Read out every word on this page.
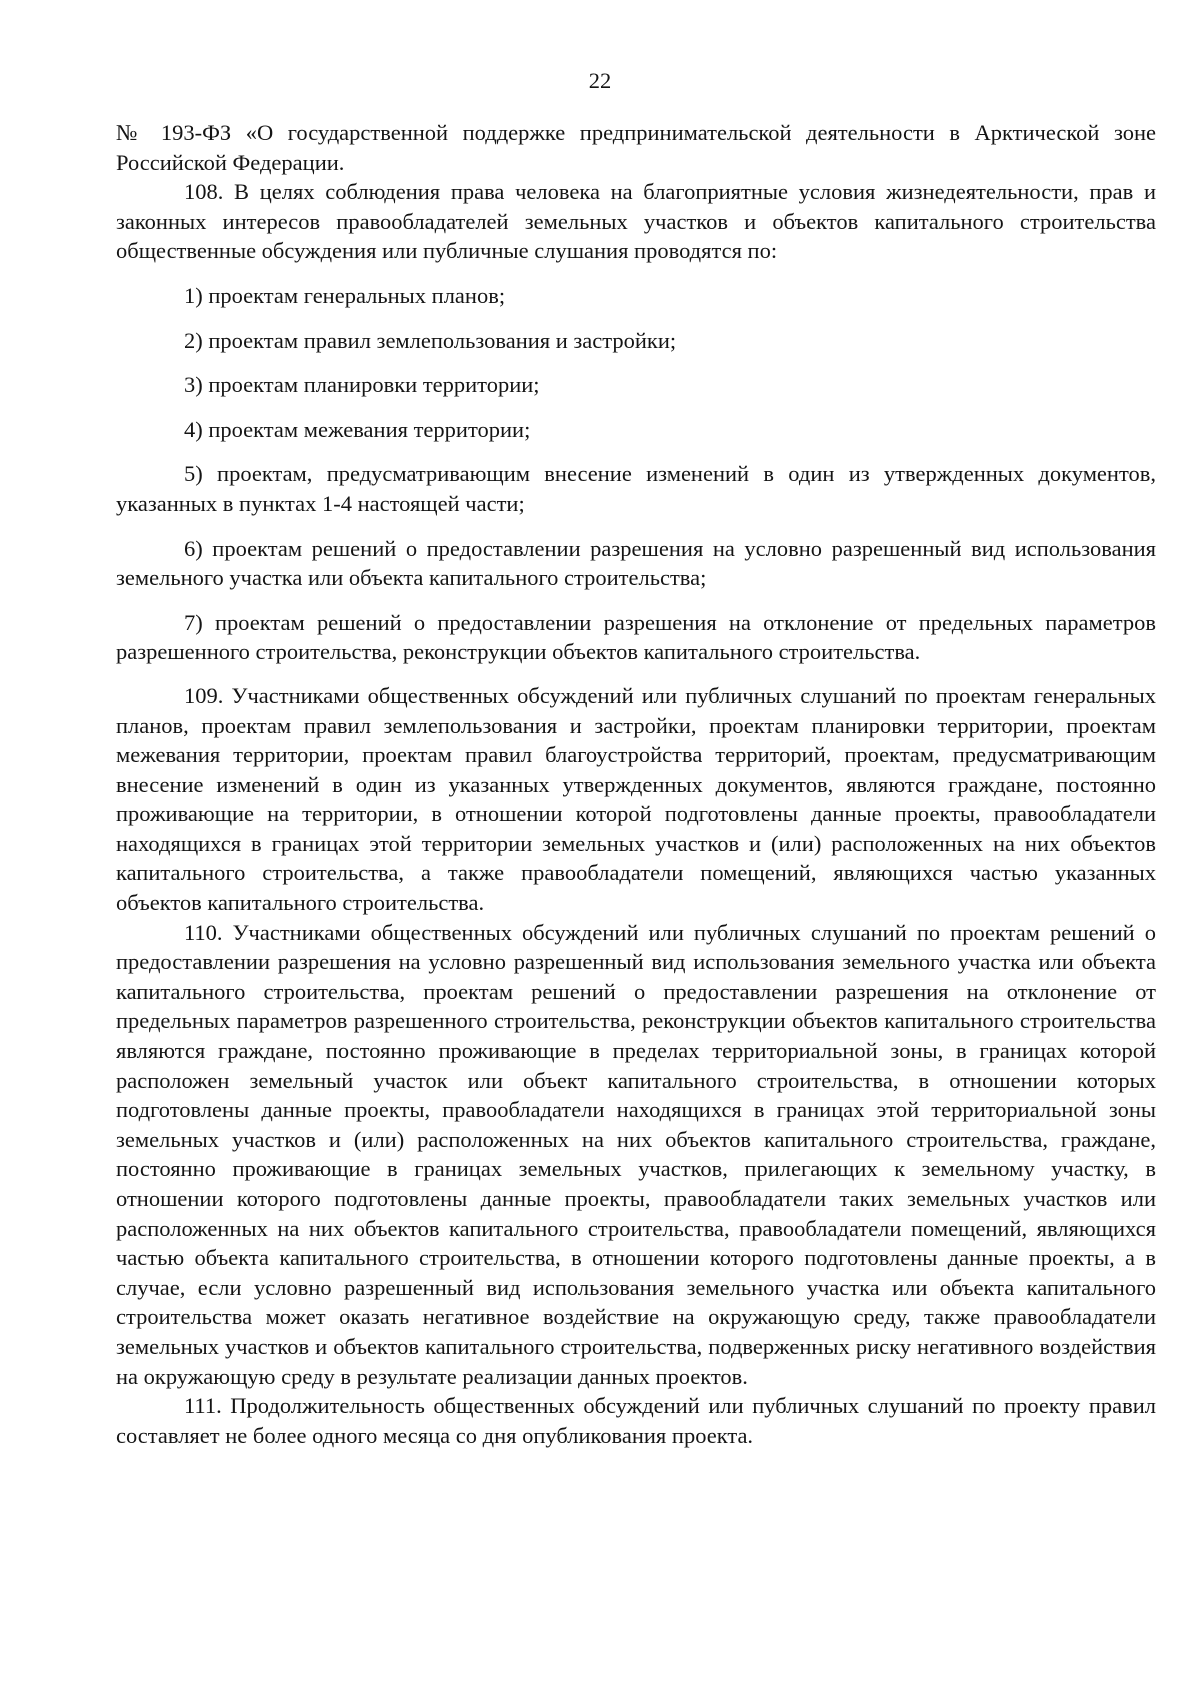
22

№ 193-ФЗ «О государственной поддержке предпринимательской деятельности в Арктической зоне Российской Федерации.

108. В целях соблюдения права человека на благоприятные условия жизнедеятельности, прав и законных интересов правообладателей земельных участков и объектов капитального строительства общественные обсуждения или публичные слушания проводятся по:

1) проектам генеральных планов;

2) проектам правил землепользования и застройки;

3) проектам планировки территории;

4) проектам межевания территории;

5) проектам, предусматривающим внесение изменений в один из утвержденных документов, указанных в пунктах 1-4 настоящей части;

6) проектам решений о предоставлении разрешения на условно разрешенный вид использования земельного участка или объекта капитального строительства;

7) проектам решений о предоставлении разрешения на отклонение от предельных параметров разрешенного строительства, реконструкции объектов капитального строительства.

109. Участниками общественных обсуждений или публичных слушаний по проектам генеральных планов, проектам правил землепользования и застройки, проектам планировки территории, проектам межевания территории, проектам правил благоустройства территорий, проектам, предусматривающим внесение изменений в один из указанных утвержденных документов, являются граждане, постоянно проживающие на территории, в отношении которой подготовлены данные проекты, правообладатели находящихся в границах этой территории земельных участков и (или) расположенных на них объектов капитального строительства, а также правообладатели помещений, являющихся частью указанных объектов капитального строительства.

110. Участниками общественных обсуждений или публичных слушаний по проектам решений о предоставлении разрешения на условно разрешенный вид использования земельного участка или объекта капитального строительства, проектам решений о предоставлении разрешения на отклонение от предельных параметров разрешенного строительства, реконструкции объектов капитального строительства являются граждане, постоянно проживающие в пределах территориальной зоны, в границах которой расположен земельный участок или объект капитального строительства, в отношении которых подготовлены данные проекты, правообладатели находящихся в границах этой территориальной зоны земельных участков и (или) расположенных на них объектов капитального строительства, граждане, постоянно проживающие в границах земельных участков, прилегающих к земельному участку, в отношении которого подготовлены данные проекты, правообладатели таких земельных участков или расположенных на них объектов капитального строительства, правообладатели помещений, являющихся частью объекта капитального строительства, в отношении которого подготовлены данные проекты, а в случае, если условно разрешенный вид использования земельного участка или объекта капитального строительства может оказать негативное воздействие на окружающую среду, также правообладатели земельных участков и объектов капитального строительства, подверженных риску негативного воздействия на окружающую среду в результате реализации данных проектов.

111. Продолжительность общественных обсуждений или публичных слушаний по проекту правил составляет не более одного месяца со дня опубликования проекта.
